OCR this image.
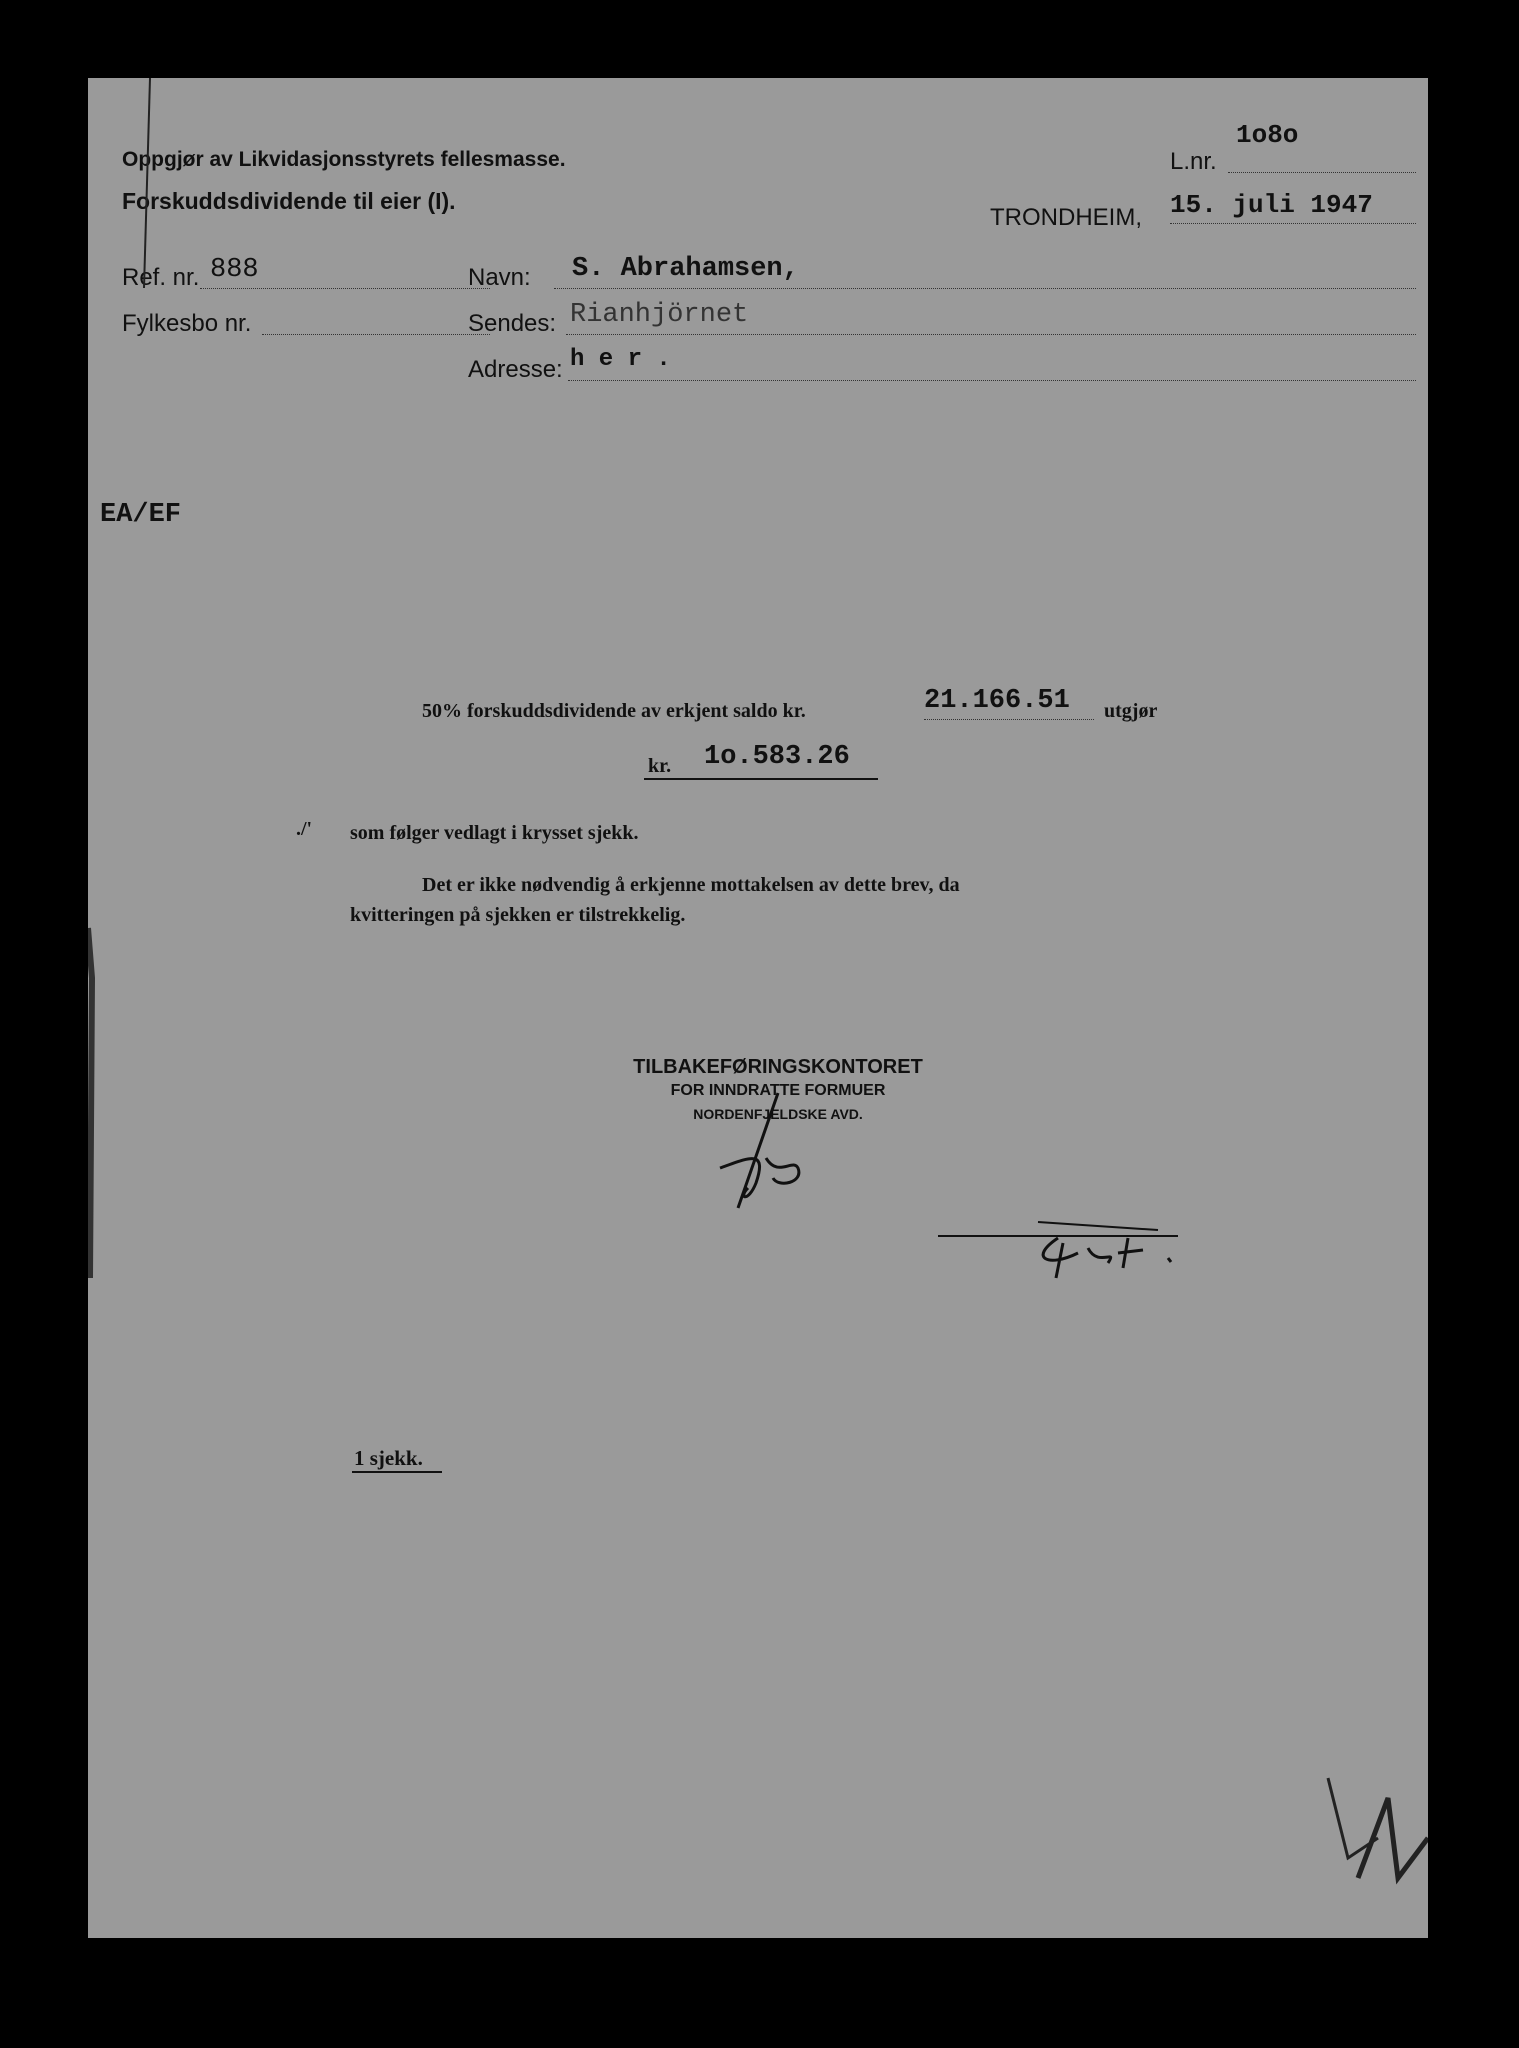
Oppgjør av Likvidasjonsstyrets fellesmasse.
Forskuddsdividende til eier (I).
1o8o
L.nr.
TRONDHEIM, 15. juli 1947
Ref. nr. 888
Fylkesbo nr.
Navn: S. Abrahamsen,
Sendes: Rianhjörnet
Adresse: h e r .
EA/EF
50% forskuddsdividende av erkjent saldo kr.	21.166.51 utgjør
kr. 1o.583.26
./' som følger vedlagt i krysset sjekk.
Det er ikke nødvendig å erkjenne mottakelsen av dette brev, da
kvitteringen på sjekken er tilstrekkelig.
TILBAKEFØRINGSKONTORET
FOR INNDRATTE FORMUER
NORDENFJELDSKE AVD.
1 sjekk.
